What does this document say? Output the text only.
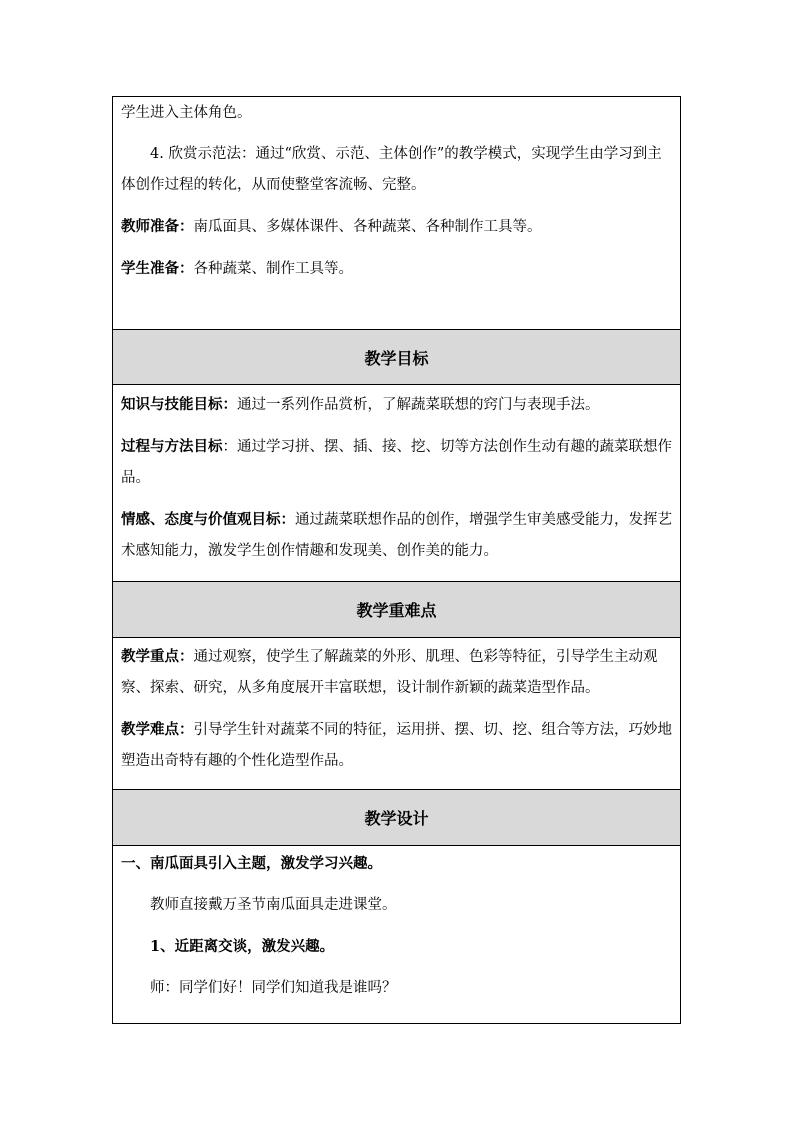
学生进入主体角色。

4. 欣赏示范法：通过“欣赏、示范、主体创作”的教学模式，实现学生由学习到主体创作过程的转化，从而使整堂客流畅、完整。

教师准备：南瓜面具、多媒体课件、各种蔬菜、各种制作工具等。

学生准备：各种蔬菜、制作工具等。

教学目标

知识与技能目标：通过一系列作品赏析，了解蔬菜联想的窍门与表现手法。

过程与方法目标：通过学习拼、摆、插、接、挖、切等方法创作生动有趣的蔬菜联想作品。

情感、态度与价值观目标：通过蔬菜联想作品的创作，增强学生审美感受能力，发挥艺术感知能力，激发学生创作情趣和发现美、创作美的能力。

教学重难点

教学重点：通过观察，使学生了解蔬菜的外形、肌理、色彩等特征，引导学生主动观察、探索、研究，从多角度展开丰富联想，设计制作新颖的蔬菜造型作品。

教学难点：引导学生针对蔬菜不同的特征，运用拼、摆、切、挖、组合等方法，巧妙地塑造出奇特有趣的个性化造型作品。

教学设计

一、南瓜面具引入主题，激发学习兴趣。

教师直接戴万圣节南瓜面具走进课堂。

1、近距离交谈，激发兴趣。

师：同学们好！同学们知道我是谁吗？
